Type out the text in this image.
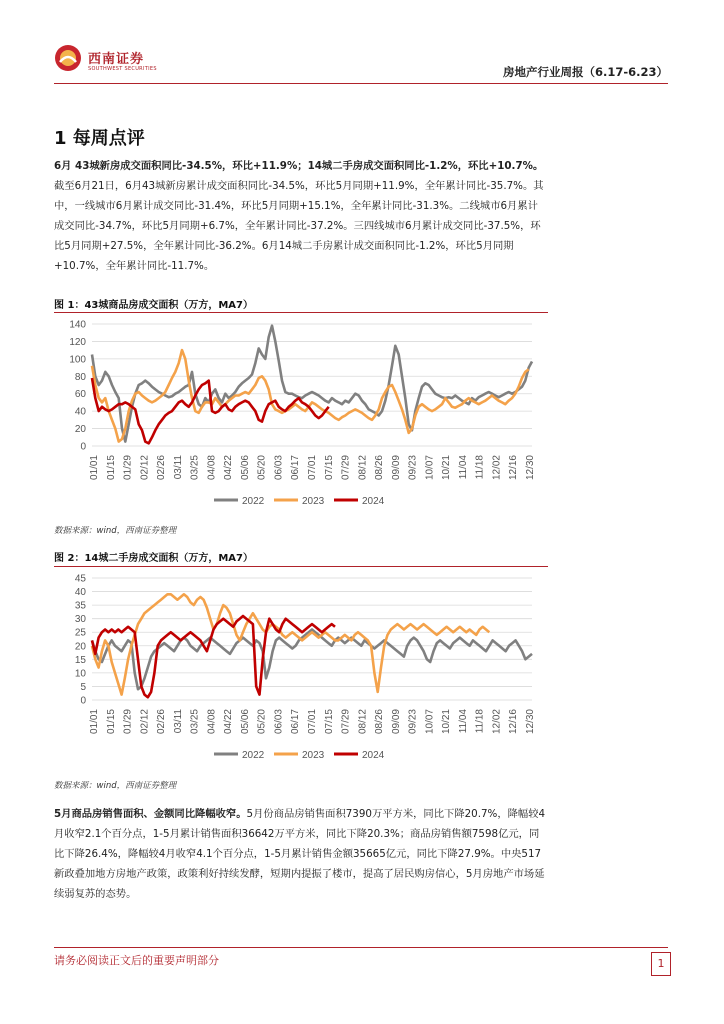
西南证券
SOUTHWEST SECURITIES	房地产行业周报（6.17-6.23）
1 每周点评

6月 43城新房成交面积同比-34.5%，环比+11.9%；14城二手房成交面积同比-1.2%，环比+10.7%。截至6月21日，6月43城新房累计成交面积同比-34.5%，环比5月同期+11.9%，全年累计同比-35.7%。其中，一线城市6月累计成交同比-31.4%，环比5月同期+15.1%，全年累计同比-31.3%。二线城市6月累计成交同比-34.7%，环比5月同期+6.7%，全年累计同比-37.2%。三四线城市6月累计成交同比-37.5%，环比5月同期+27.5%，全年累计同比-36.2%。6月14城二手房累计成交面积同比-1.2%，环比5月同期+10.7%，全年累计同比-11.7%。

图 1：43城商品房成交面积（万方，MA7）
0
20
40
60
80
100
120
140
01/01 01/15 01/29 02/12 02/26 03/11 03/25 04/08 04/22 05/06 05/20 06/03 06/17 07/01 07/15 07/29 08/12 08/26 09/09 09/23 10/07 10/21 11/04 11/18 12/02 12/16 12/30
2022	2023	2024
数据来源：wind，西南证券整理
图 2：14城二手房成交面积（万方，MA7）
0
5
10
15
20
25
30
35
40
45
01/01 01/15 01/29 02/12 02/26 03/11 03/25 04/08 04/22 05/06 05/20 06/03 06/17 07/01 07/15 07/29 08/12 08/26 09/09 09/23 10/07 10/21 11/04 11/18 12/02 12/16 12/30
2022	2023	2024
数据来源：wind，西南证券整理

5月商品房销售面积、金额同比降幅收窄。5月份商品房销售面积7390万平方米，同比下降20.7%，降幅较4月收窄2.1个百分点，1-5月累计销售面积36642万平方米，同比下降20.3%；商品房销售额7598亿元，同比下降26.4%，降幅较4月收窄4.1个百分点，1-5月累计销售金额35665亿元，同比下降27.9%。中央517新政叠加地方房地产政策，政策利好持续发酵，短期内提振了楼市，提高了居民购房信心，5月房地产市场延续弱复苏的态势。

请务必阅读正文后的重要声明部分	1
